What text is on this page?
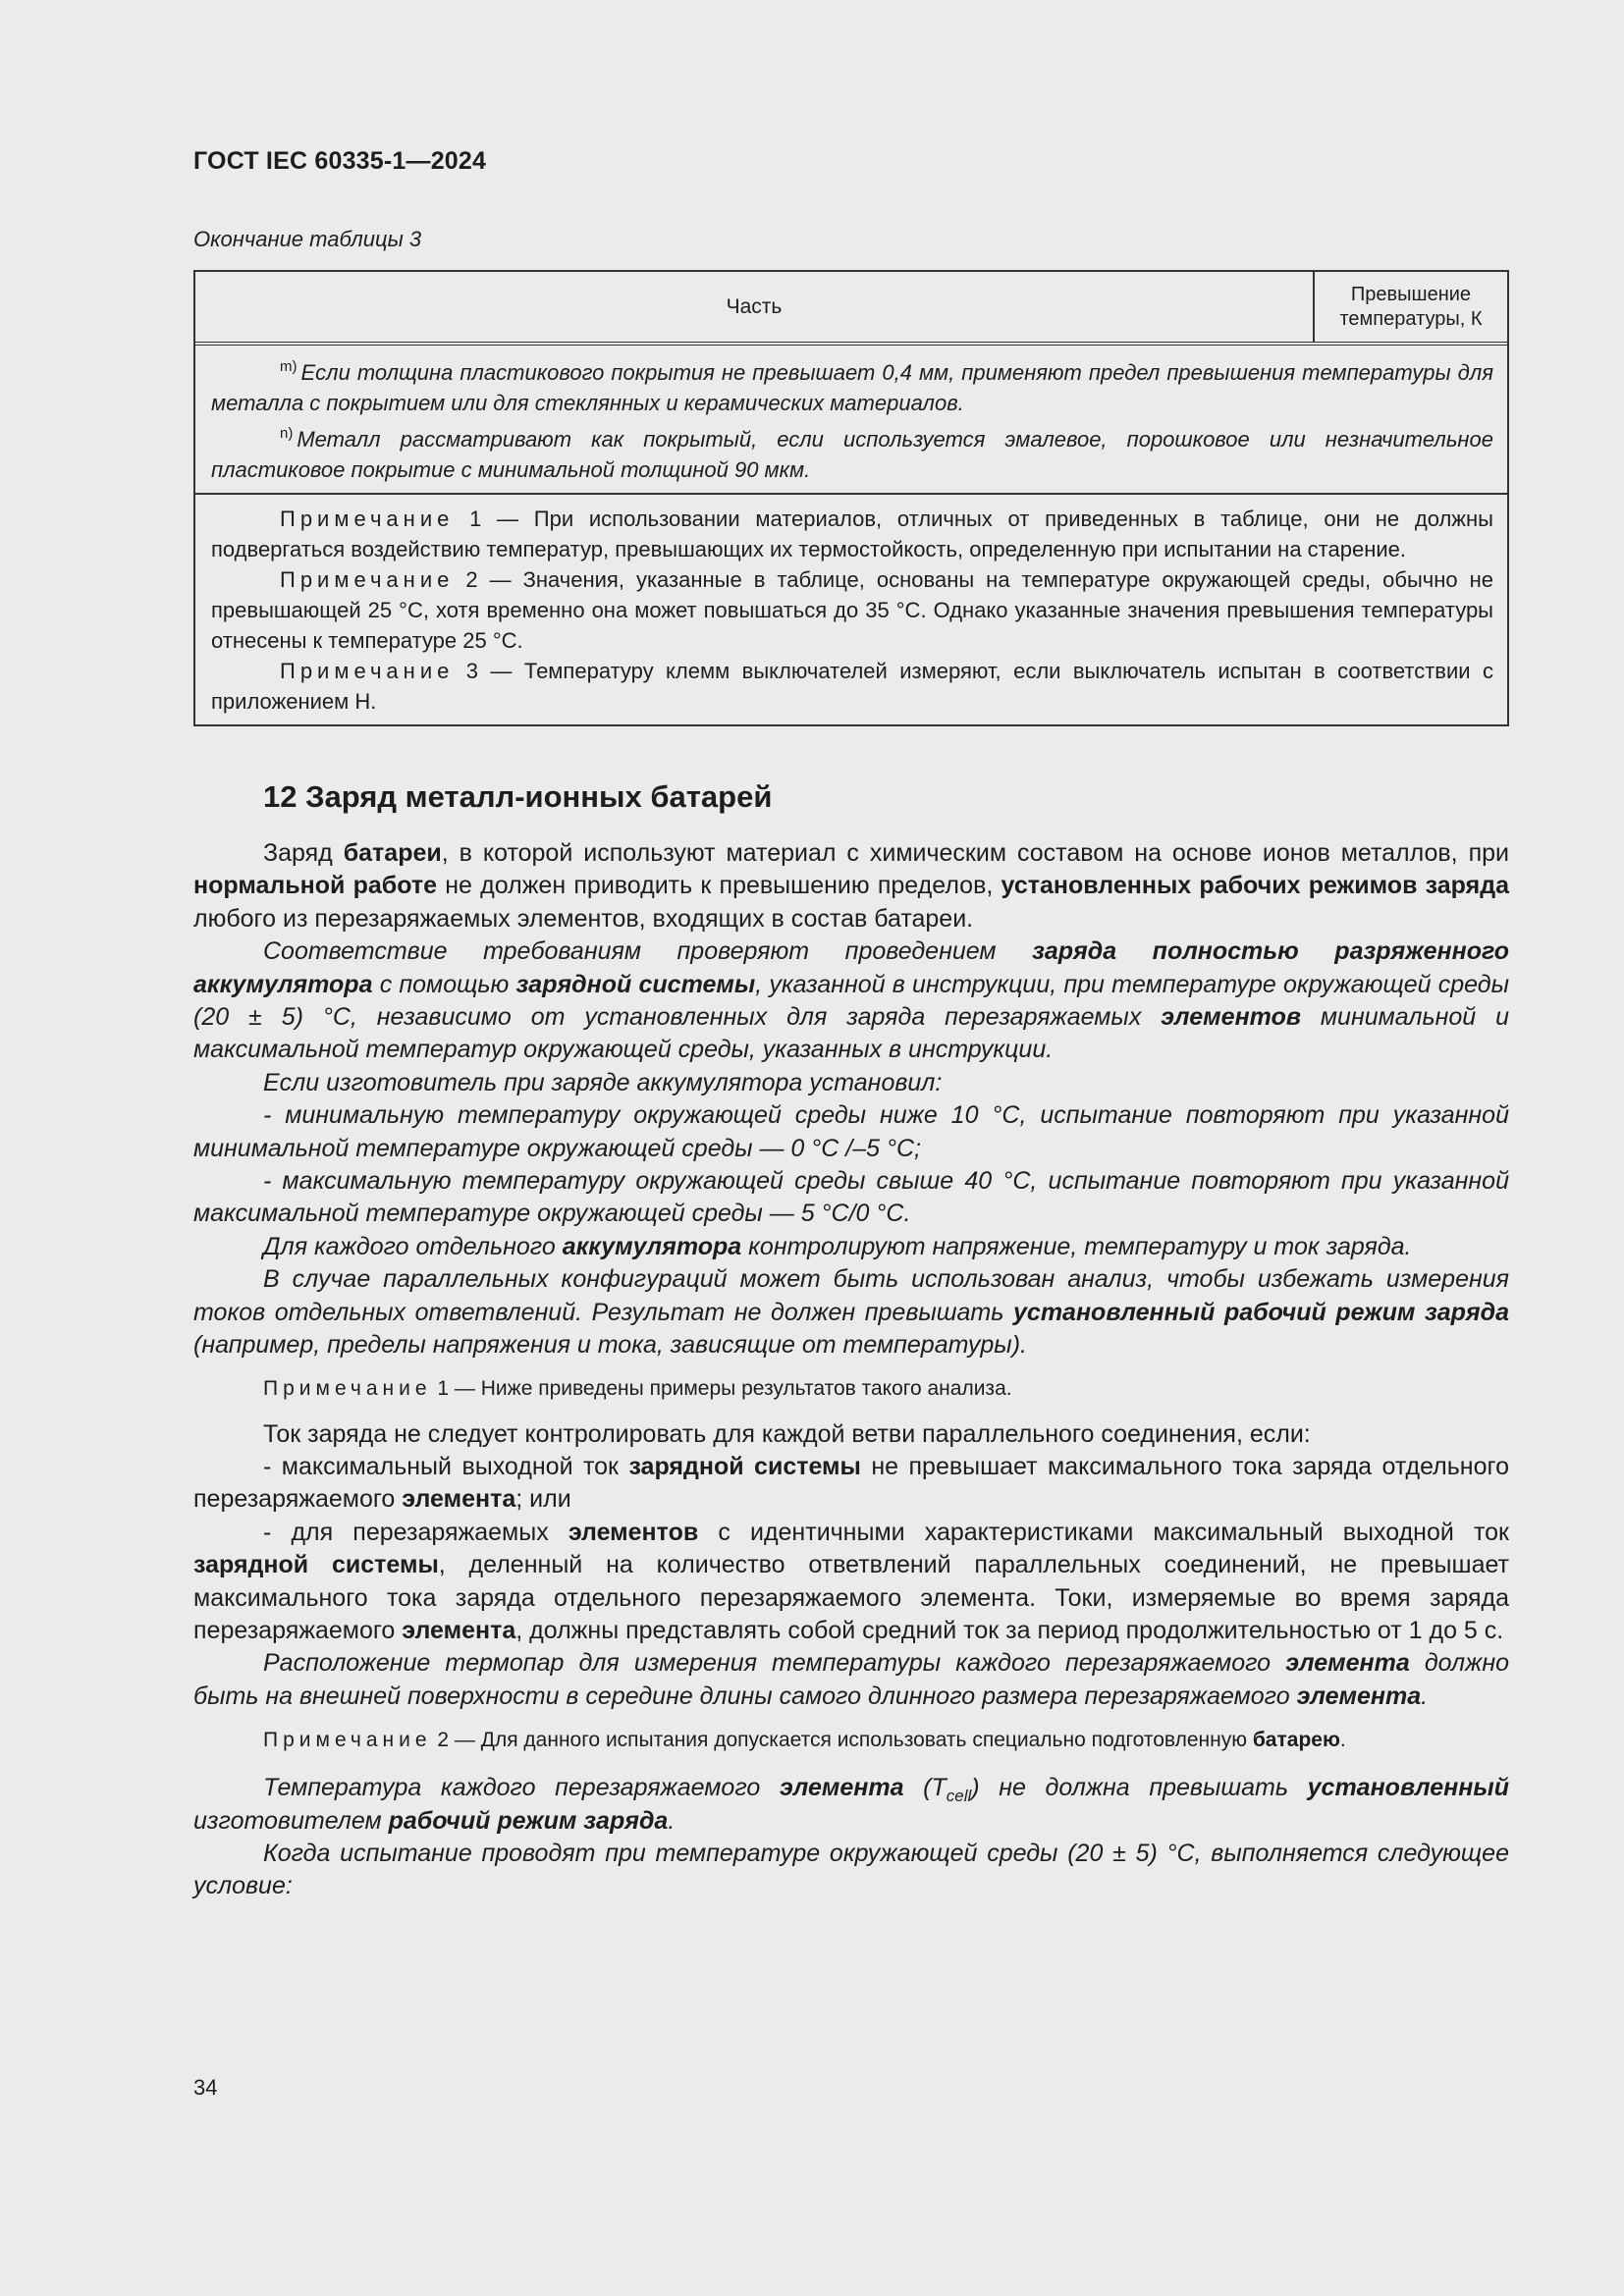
ГОСТ IEC 60335-1—2024
Окончание таблицы 3
Часть
Превышение
температуры, К

$^{m)}$ Если толщина пластикового покрытия не превышает 0,4 мм, применяют предел превышения температуры для металла с покрытием или для стеклянных и керамических материалов.

$^{n)}$ Металл рассматривают как покрытый, если используется эмалевое, порошковое или незначительное пластиковое покрытие с минимальной толщиной 90 мкм.

Примечание 1 — При использовании материалов, отличных от приведенных в таблице, они не должны подвергаться воздействию температур, превышающих их термостойкость, определенную при испытании на старение.

Примечание 2 — Значения, указанные в таблице, основаны на температуре окружающей среды, обычно не превышающей 25 °С, хотя временно она может повышаться до 35 °С. Однако указанные значения превышения температуры отнесены к температуре 25 °С.

Примечание 3 — Температуру клемм выключателей измеряют, если выключатель испытан в соответствии с приложением Н.

12 Заряд металл-ионных батарей

Заряд батареи, в которой используют материал с химическим составом на основе ионов металлов, при нормальной работе не должен приводить к превышению пределов, установленных рабочих режимов заряда любого из перезаряжаемых элементов, входящих в состав батареи.

Соответствие требованиям проверяют проведением заряда полностью разряженного аккумулятора с помощью зарядной системы, указанной в инструкции, при температуре окружающей среды (20 ± 5) °С, независимо от установленных для заряда перезаряжаемых элементов минимальной и максимальной температур окружающей среды, указанных в инструкции.

Если изготовитель при заряде аккумулятора установил:

- минимальную температуру окружающей среды ниже 10 °С, испытание повторяют при указанной минимальной температуре окружающей среды — 0 °С /–5 °С;

- максимальную температуру окружающей среды свыше 40 °С, испытание повторяют при указанной максимальной температуре окружающей среды — 5 °С/0 °С.

Для каждого отдельного аккумулятора контролируют напряжение, температуру и ток заряда.

В случае параллельных конфигураций может быть использован анализ, чтобы избежать измерения токов отдельных ответвлений. Результат не должен превышать установленный рабочий режим заряда (например, пределы напряжения и тока, зависящие от температуры).

Примечание 1 — Ниже приведены примеры результатов такого анализа.

Ток заряда не следует контролировать для каждой ветви параллельного соединения, если:

- максимальный выходной ток зарядной системы не превышает максимального тока заряда отдельного перезаряжаемого элемента; или

- для перезаряжаемых элементов с идентичными характеристиками максимальный выходной ток зарядной системы, деленный на количество ответвлений параллельных соединений, не превышает максимального тока заряда отдельного перезаряжаемого элемента. Токи, измеряемые во время заряда перезаряжаемого элемента, должны представлять собой средний ток за период продолжительностью от 1 до 5 с.

Расположение термопар для измерения температуры каждого перезаряжаемого элемента должно быть на внешней поверхности в середине длины самого длинного размера перезаряжаемого элемента.

Примечание 2 — Для данного испытания допускается использовать специально подготовленную батарею.

Температура каждого перезаряжаемого элемента $(T_{cell})$ не должна превышать установленный изготовителем рабочий режим заряда.

Когда испытание проводят при температуре окружающей среды (20 ± 5) °С, выполняется следующее условие:

34
